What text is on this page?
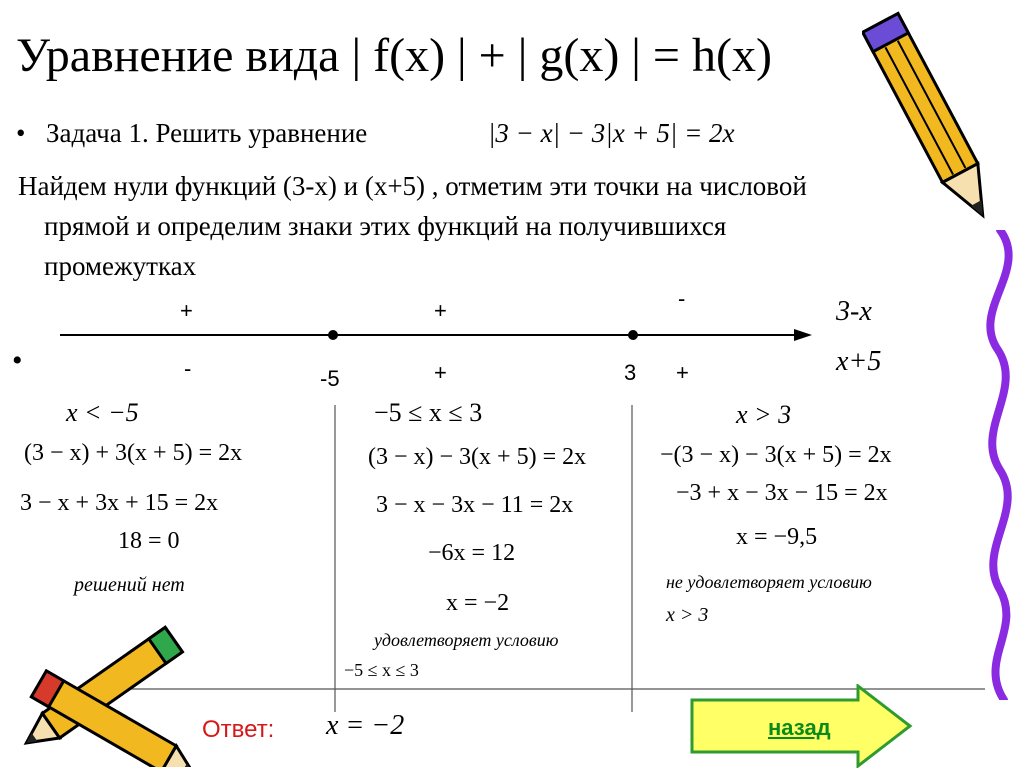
Уравнение вида | f(x) | + | g(x) | = h(x)
• Задача 1. Решить уравнение	|3 − x| − 3|x + 5| = 2x
Найдем нули функций (3-x) и (x+5) , отметим эти точки на числовой
прямой и определим знаки этих функций на получившихся
промежутках
•
+	+	-
-	+	+
-5	3
3-x
x+5
x < −5
(3 − x) + 3(x + 5) = 2x
3 − x + 3x + 15 = 2x
18 = 0
решений нет
−5 ≤ x ≤ 3
(3 − x) − 3(x + 5) = 2x
3 − x − 3x − 11 = 2x
−6x = 12
x = −2
удовлетворяет условию
−5 ≤ x ≤ 3
x > 3
−(3 − x) − 3(x + 5) = 2x
−3 + x − 3x − 15 = 2x
x = −9,5
не удовлетворяет условию
x > 3
Ответ: x = −2	назад
